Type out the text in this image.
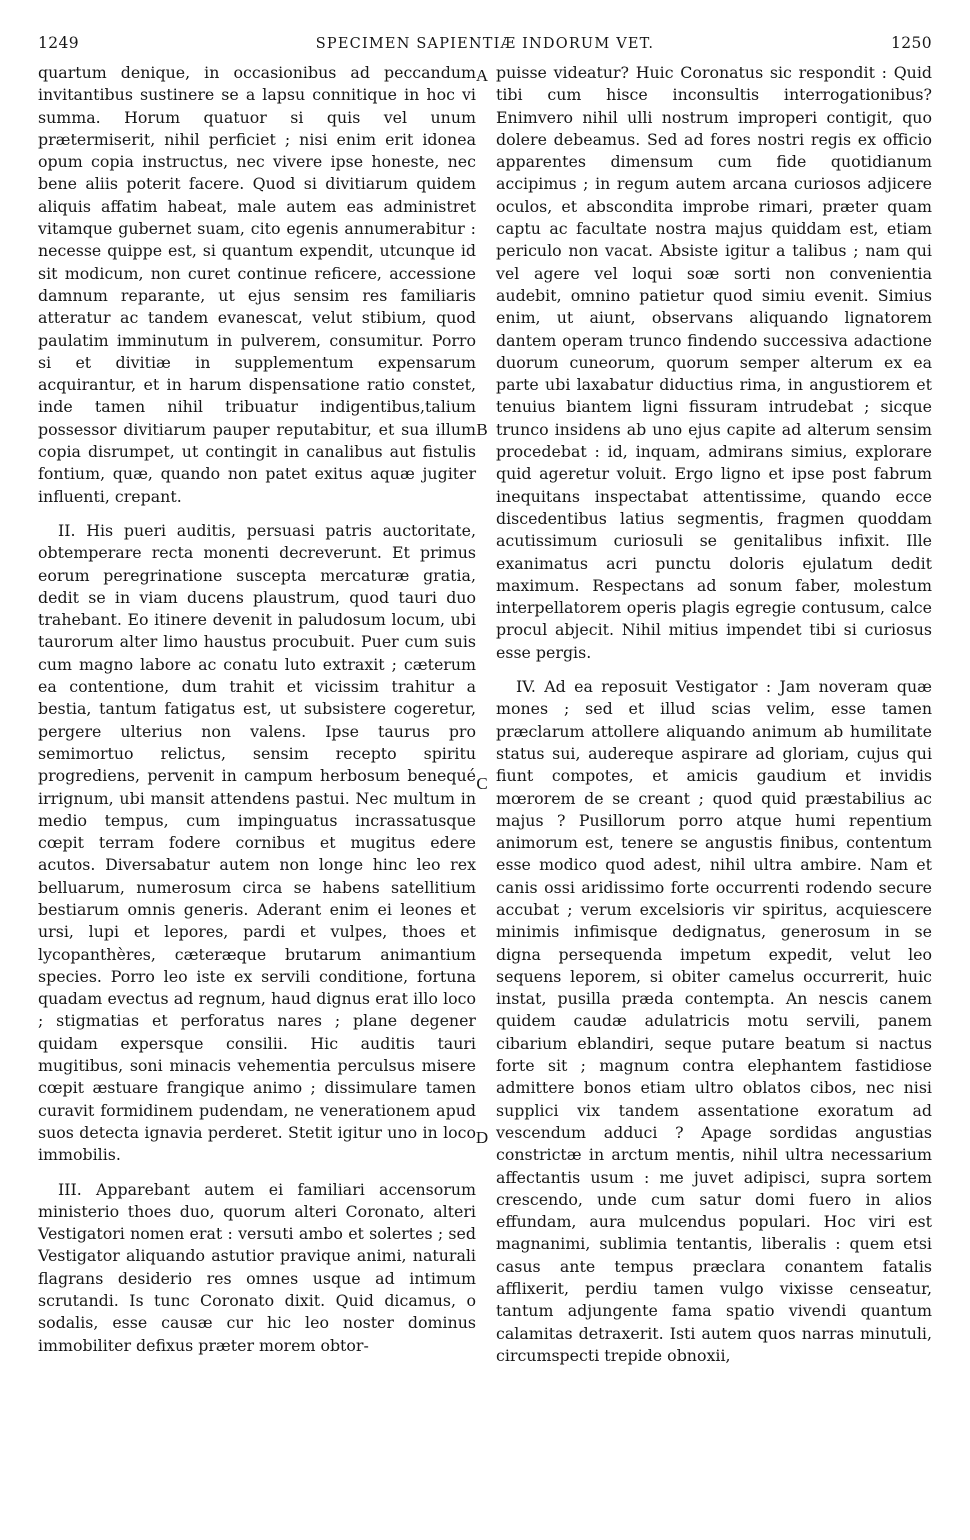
1249	SPECIMEN SAPIENTIÆ INDORUM VET.	1250

quartum denique, in occasionibus ad peccandum invitantibus sustinere se a lapsu connitique in hoc vi summa. Horum quatuor si quis vel unum prætermiserit, nihil perficiet ; nisi enim erit idonea opum copia instructus, nec vivere ipse honeste, nec bene aliis poterit facere. Quod si divitiarum quidem aliquis affatim habeat, male autem eas administret vitamque gubernet suam, cito egenis annumerabitur : necesse quippe est, si quantum expendit, utcunque id sit modicum, non curet continue reficere, accessione damnum reparante, ut ejus sensim res familiaris atteratur ac tandem evanescat, velut stibium, quod paulatim imminutum in pulverem, consumitur. Porro si et divitiæ in supplementum expensarum acquirantur, et in harum dispensatione ratio constet, inde tamen nihil tribuatur indigentibus,talium possessor divitiarum pauper reputabitur, et sua illum copia disrumpet, ut contingit in canalibus aut fistulis fontium, quæ, quando non patet exitus aquæ jugiter influenti, crepant.

II. His pueri auditis, persuasi patris auctoritate, obtemperare recta monenti decreverunt. Et primus eorum peregrinatione suscepta mercaturæ gratia, dedit se in viam ducens plaustrum, quod tauri duo trahebant. Eo itinere devenit in paludosum locum, ubi taurorum alter limo haustus procubuit. Puer cum suis cum magno labore ac conatu luto extraxit ; cæterum ea contentione, dum trahit et vicissim trahitur a bestia, tantum fatigatus est, ut subsistere cogeretur, pergere ulterius non valens. Ipse taurus pro semimortuo relictus, sensim recepto spiritu progrediens, pervenit in campum herbosum benequé irrignum, ubi mansit attendens pastui. Nec multum in medio tempus, cum impinguatus incrassatusque cœpit terram fodere cornibus et mugitus edere acutos. Diversabatur autem non longe hinc leo rex belluarum, numerosum circa se habens satellitium bestiarum omnis generis. Aderant enim ei leones et ursi, lupi et lepores, pardi et vulpes, thoes et lycopanthères, cæteræque brutarum animantium species. Porro leo iste ex servili conditione, fortuna quadam evectus ad regnum, haud dignus erat illo loco ; stigmatias et perforatus nares ; plane degener quidam expersque consilii. Hic auditis tauri mugitibus, soni minacis vehementia perculsus misere cœpit æstuare frangique animo ; dissimulare tamen curavit formidinem pudendam, ne venerationem apud suos detecta ignavia perderet. Stetit igitur uno in loco immobilis.

III. Apparebant autem ei familiari accensorum ministerio thoes duo, quorum alteri Coronato, alteri Vestigatori nomen erat : versuti ambo et solertes ; sed Vestigator aliquando astutior pravique animi, naturali flagrans desiderio res omnes usque ad intimum scrutandi. Is tunc Coronato dixit. Quid dicamus, o sodalis, esse causæ cur hic leo noster dominus immobiliter defixus præter morem obtor-

A
B
C
D

puisse videatur? Huic Coronatus sic respondit : Quid tibi cum hisce inconsultis interrogationibus? Enimvero nihil ulli nostrum improperi contigit, quo dolere debeamus. Sed ad fores nostri regis ex officio apparentes dimensum cum fide quotidianum accipimus ; in regum autem arcana curiosos adjicere oculos, et abscondita improbe rimari, præter quam captu ac facultate nostra majus quiddam est, etiam periculo non vacat. Absiste igitur a talibus ; nam qui vel agere vel loqui soæ sorti non convenientia audebit, omnino patietur quod simiu evenit. Simius enim, ut aiunt, observans aliquando lignatorem dantem operam trunco findendo successiva adactione duorum cuneorum, quorum semper alterum ex ea parte ubi laxabatur diductius rima, in angustiorem et tenuius biantem ligni fissuram intrudebat ; sicque trunco insidens ab uno ejus capite ad alterum sensim procedebat : id, inquam, admirans simius, explorare quid ageretur voluit. Ergo ligno et ipse post fabrum inequitans inspectabat attentissime, quando ecce discedentibus latius segmentis, fragmen quoddam acutissimum curiosuli se genitalibus infixit. Ille exanimatus acri punctu doloris ejulatum dedit maximum. Respectans ad sonum faber, molestum interpellatorem operis plagis egregie contusum, calce procul abjecit. Nihil mitius impendet tibi si curiosus esse pergis.

IV. Ad ea reposuit Vestigator : Jam noveram quæ mones ; sed et illud scias velim, esse tamen præclarum attollere aliquando animum ab humilitate status sui, audereque aspirare ad gloriam, cujus qui fiunt compotes, et amicis gaudium et invidis mœrorem de se creant ; quod quid præstabilius ac majus ? Pusillorum porro atque humi repentium animorum est, tenere se angustis finibus, contentum esse modico quod adest, nihil ultra ambire. Nam et canis ossi aridissimo forte occurrenti rodendo secure accubat ; verum excelsioris vir spiritus, acquiescere minimis infimisque dedignatus, generosum in se digna persequenda impetum expedit, velut leo sequens leporem, si obiter camelus occurrerit, huic instat, pusilla præda contempta. An nescis canem quidem caudæ adulatricis motu servili, panem cibarium eblandiri, seque putare beatum si nactus forte sit ; magnum contra elephantem fastidiose admittere bonos etiam ultro oblatos cibos, nec nisi supplici vix tandem assentatione exoratum ad vescendum adduci ? Apage sordidas angustias constrictæ in arctum mentis, nihil ultra necessarium affectantis usum : me juvet adipisci, supra sortem crescendo, unde cum satur domi fuero in alios effundam, aura mulcendus populari. Hoc viri est magnanimi, sublimia tentantis, liberalis : quem etsi casus ante tempus præclara conantem fatalis afflixerit, perdiu tamen vulgo vixisse censeatur, tantum adjungente fama spatio vivendi quantum calamitas detraxerit. Isti autem quos narras minutuli, circumspecti trepide obnoxii,
